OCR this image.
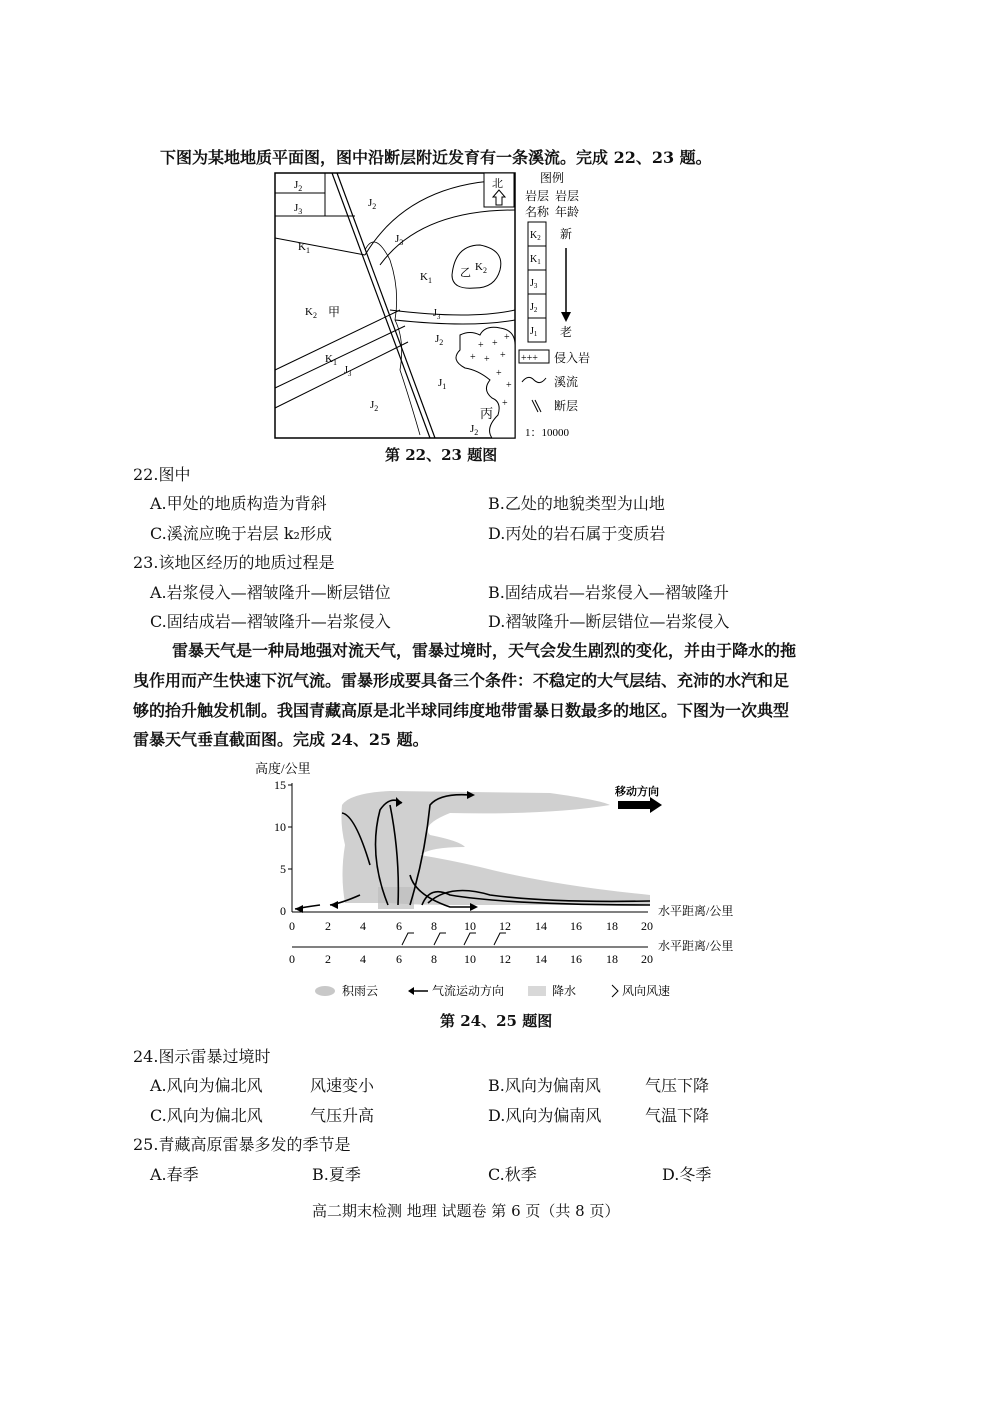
下图为某地地质平面图，图中沿断层附近发育有一条溪流。完成 22、23 题。
$J_2$
$J_3$
$J_2$
$K_1$
$J_3$
$K_1$
乙 $K_2$
$J_3$
$J_2$
$K_2$ 甲
$K_1$
$J_3$
$J_2$
+ +
+
+ + +
+
+
+
$J_1$
丙
$J_2$
北	图例
岩层 岩层
名称 年龄
$K_2$
$K_1$
$J_3$
$J_2$
$J_1$
新
老
+++ 侵入岩
溪流
断层
1：10000
第 22、23 题图
22.图中
A.甲处的地质构造为背斜	B.乙处的地貌类型为山地
C.溪流应晚于岩层 k₂形成	D.丙处的岩石属于变质岩
23.该地区经历的地质过程是
A.岩浆侵入—褶皱隆升—断层错位	B.固结成岩—岩浆侵入—褶皱隆升
C.固结成岩—褶皱隆升—岩浆侵入	D.褶皱隆升—断层错位—岩浆侵入
雷暴天气是一种局地强对流天气，雷暴过境时，天气会发生剧烈的变化，并由于降水的拖
曳作用而产生快速下沉气流。雷暴形成要具备三个条件：不稳定的大气层结、充沛的水汽和足
够的抬升触发机制。我国青藏高原是北半球同纬度地带雷暴日数最多的地区。下图为一次典型
雷暴天气垂直截面图。完成 24、25 题。
高度/公里
0
5
10
15	移动方向
0	2 4	6 8 10 12 14 16 18 20
水平距离/公里
0	2 4	6 8 10 12 14 16 18 20
水平距离/公里
积雨云	气流运动方向	降水	风向风速
第 24、25 题图
24.图示雷暴过境时
A.风向为偏北风	风速变小	B.风向为偏南风	气压下降
C.风向为偏北风	气压升高	D.风向为偏南风	气温下降
25.青藏高原雷暴多发的季节是
A.春季	B.夏季	C.秋季	D.冬季
高二期末检测 地理 试题卷 第 6 页（共 8 页）
